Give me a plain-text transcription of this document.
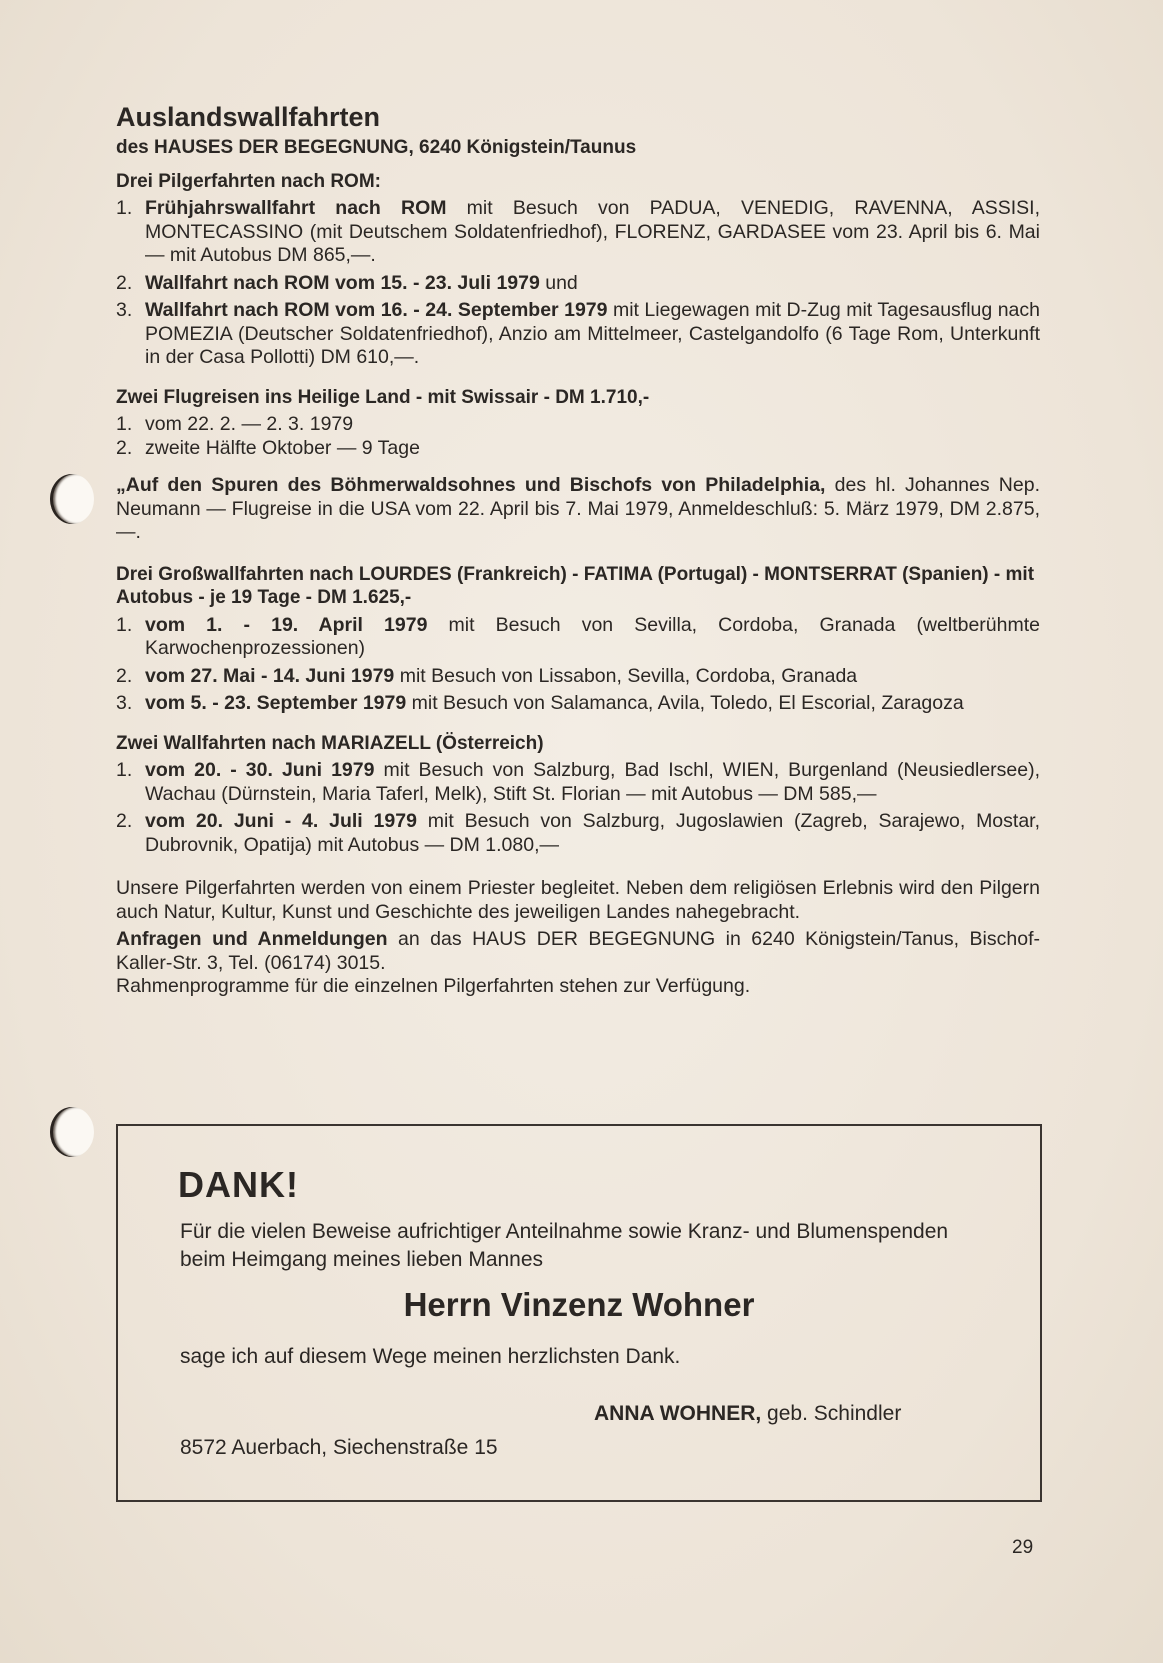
Auslandswallfahrten
des HAUSES DER BEGEGNUNG, 6240 Königstein/Taunus
Drei Pilgerfahrten nach ROM:
1. Frühjahrswallfahrt nach ROM mit Besuch von PADUA, VENEDIG, RAVENNA, ASSISI, MONTECASSINO (mit Deutschem Soldatenfriedhof), FLORENZ, GARDASEE vom 23. April bis 6. Mai — mit Autobus DM 865,—.
2. Wallfahrt nach ROM vom 15. - 23. Juli 1979 und
3. Wallfahrt nach ROM vom 16. - 24. September 1979 mit Liegewagen mit D-Zug mit Tagesausflug nach POMEZIA (Deutscher Soldatenfriedhof), Anzio am Mittelmeer, Castelgandolfo (6 Tage Rom, Unterkunft in der Casa Pollotti) DM 610,—.
Zwei Flugreisen ins Heilige Land - mit Swissair - DM 1.710,-
1. vom 22. 2. — 2. 3. 1979
2. zweite Hälfte Oktober — 9 Tage
„Auf den Spuren des Böhmerwaldsohnes und Bischofs von Philadelphia, des hl. Johannes Nep. Neumann — Flugreise in die USA vom 22. April bis 7. Mai 1979, Anmeldeschluß: 5. März 1979, DM 2.875,—.
Drei Großwallfahrten nach LOURDES (Frankreich) - FATIMA (Portugal) - MONTSERRAT (Spanien) - mit Autobus - je 19 Tage - DM 1.625,-
1. vom 1. - 19. April 1979 mit Besuch von Sevilla, Cordoba, Granada (weltberühmte Karwochenprozessionen)
2. vom 27. Mai - 14. Juni 1979 mit Besuch von Lissabon, Sevilla, Cordoba, Granada
3. vom 5. - 23. September 1979 mit Besuch von Salamanca, Avila, Toledo, El Escorial, Zaragoza
Zwei Wallfahrten nach MARIAZELL (Österreich)
1. vom 20. - 30. Juni 1979 mit Besuch von Salzburg, Bad Ischl, WIEN, Burgenland (Neusiedlersee), Wachau (Dürnstein, Maria Taferl, Melk), Stift St. Florian — mit Autobus — DM 585,—
2. vom 20. Juni - 4. Juli 1979 mit Besuch von Salzburg, Jugoslawien (Zagreb, Sarajewo, Mostar, Dubrovnik, Opatija) mit Autobus — DM 1.080,—
Unsere Pilgerfahrten werden von einem Priester begleitet. Neben dem religiösen Erlebnis wird den Pilgern auch Natur, Kultur, Kunst und Geschichte des jeweiligen Landes nahegebracht.
Anfragen und Anmeldungen an das HAUS DER BEGEGNUNG in 6240 Königstein/Tanus, Bischof-Kaller-Str. 3, Tel. (06174) 3015.
Rahmenprogramme für die einzelnen Pilgerfahrten stehen zur Verfügung.
DANK!
Für die vielen Beweise aufrichtiger Anteilnahme sowie Kranz- und Blumenspenden beim Heimgang meines lieben Mannes
Herrn Vinzenz Wohner
sage ich auf diesem Wege meinen herzlichsten Dank.
ANNA WOHNER, geb. Schindler
8572 Auerbach, Siechenstraße 15
29
